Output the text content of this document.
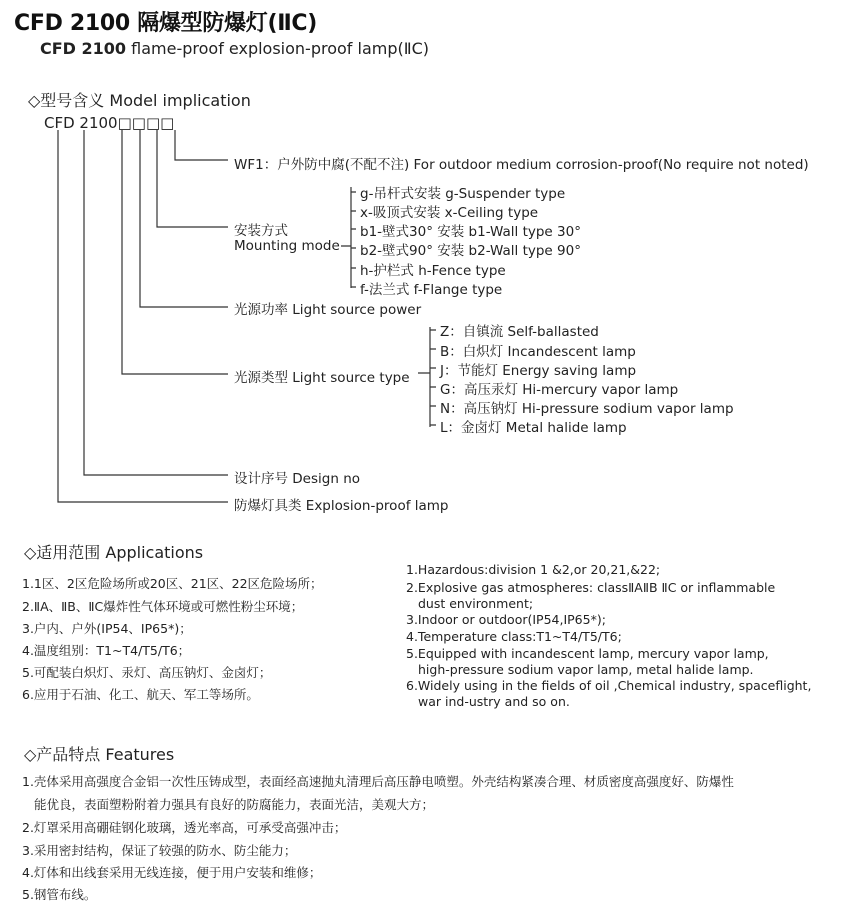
CFD 2100 隔爆型防爆灯(ⅡC)
CFD 2100 flame-proof explosion-proof lamp(ⅡC)
◇型号含义 Model implication
CFD 2100□□□□
WF1：户外防中腐(不配不注) For outdoor medium corrosion-proof(No require not noted)
安装方式
Mounting mode
g-吊杆式安装 g-Suspender type
x-吸顶式安装 x-Ceiling type
b1-壁式30° 安装 b1-Wall type 30°
b2-壁式90° 安装 b2-Wall type 90°
h-护栏式 h-Fence type
f-法兰式 f-Flange type
光源功率 Light source power
光源类型 Light source type
Z：自镇流 Self-ballasted
B：白炽灯 Incandescent lamp
J：节能灯 Energy saving lamp
G：高压汞灯 Hi-mercury vapor lamp
N：高压钠灯 Hi-pressure sodium vapor lamp
L：金卤灯 Metal halide lamp
设计序号 Design no
防爆灯具类 Explosion-proof lamp
◇适用范围 Applications
1.1区、2区危险场所或20区、21区、22区危险场所；
2.ⅡA、ⅡB、ⅡC爆炸性气体环境或可燃性粉尘环境；
3.户内、户外(IP54、IP65*)；
4.温度组别：T1~T4/T5/T6；
5.可配装白炽灯、汞灯、高压钠灯、金卤灯；
6.应用于石油、化工、航天、军工等场所。
1.Hazardous:division 1 &2,or 20,21,&22;
2.Explosive gas atmospheres: classⅡAⅡB ⅡC or inflammable
dust environment;
3.Indoor or outdoor(IP54,IP65*);
4.Temperature class:T1~T4/T5/T6;
5.Equipped with incandescent lamp, mercury vapor lamp,
high-pressure sodium vapor lamp, metal halide lamp.
6.Widely using in the fields of oil ,Chemical industry, spaceflight,
war ind-ustry and so on.
◇产品特点 Features
1.壳体采用高强度合金铝一次性压铸成型，表面经高速抛丸清理后高压静电喷塑。外壳结构紧凑合理、材质密度高强度好、防爆性
能优良，表面塑粉附着力强具有良好的防腐能力，表面光洁，美观大方；
2.灯罩采用高硼硅钢化玻璃，透光率高，可承受高强冲击；
3.采用密封结构，保证了较强的防水、防尘能力；
4.灯体和出线套采用无线连接，便于用户安装和维修；
5.钢管布线。
